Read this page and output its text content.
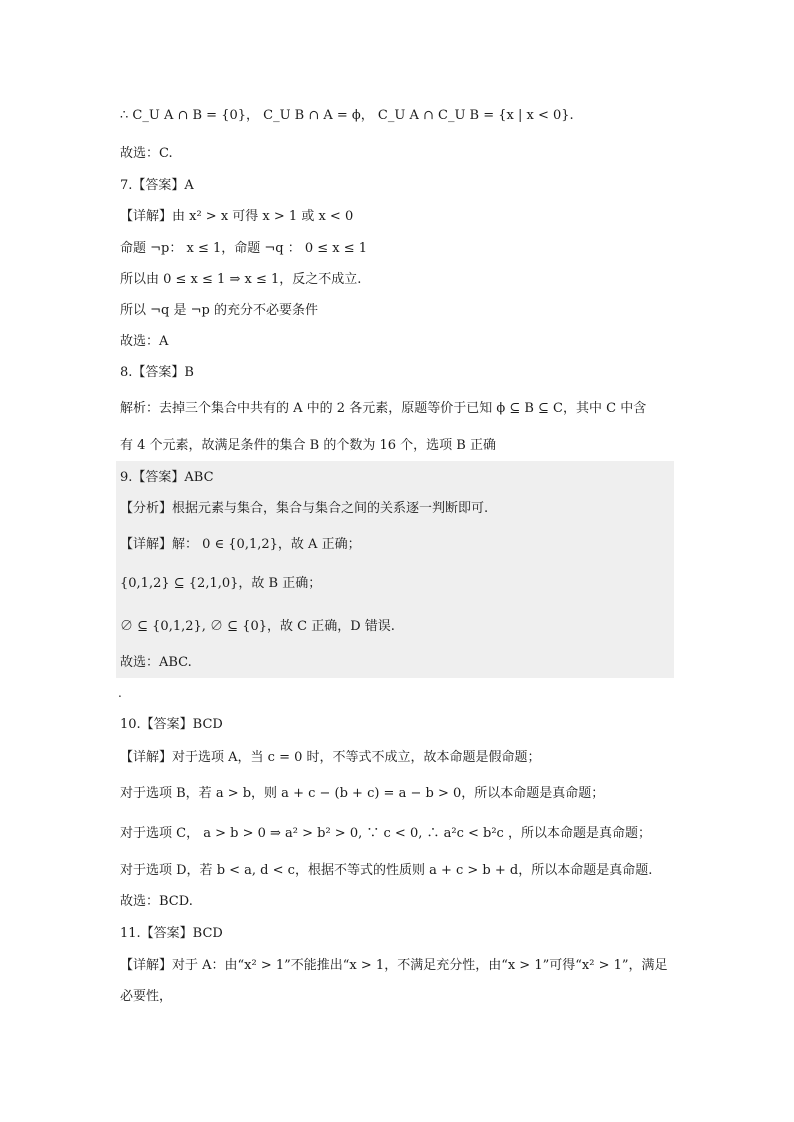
∴ C_U A ∩ B = {0}， C_U B ∩ A = ϕ， C_U A ∩ C_U B = {x | x < 0}.
故选：C.
7.【答案】A
【详解】由 x² > x 可得 x > 1 或 x < 0
命题 ¬p： x ≤ 1，命题 ¬q ： 0 ≤ x ≤ 1
所以由 0 ≤ x ≤ 1 ⇒ x ≤ 1，反之不成立.
所以 ¬q 是 ¬p 的充分不必要条件
故选：A
8.【答案】B
解析：去掉三个集合中共有的 A 中的 2 各元素，原题等价于已知 ϕ ⊆ B ⊆ C，其中 C 中含
有 4 个元素，故满足条件的集合 B 的个数为 16 个，选项 B 正确
9.【答案】ABC
【分析】根据元素与集合，集合与集合之间的关系逐一判断即可.
【详解】解： 0 ∈ {0,1,2}，故 A 正确；
{0,1,2} ⊆ {2,1,0}，故 B 正确；
∅ ⊆ {0,1,2}, ∅ ⊆ {0}，故 C 正确，D 错误.
故选：ABC.
.
10.【答案】BCD
【详解】对于选项 A，当 c = 0 时，不等式不成立，故本命题是假命题；
对于选项 B，若 a > b，则 a + c − (b + c) = a − b > 0，所以本命题是真命题；
对于选项 C， a > b > 0 ⇒ a² > b² > 0, ∵ c < 0, ∴ a²c < b²c ，所以本命题是真命题；
对于选项 D，若 b < a, d < c，根据不等式的性质则 a + c > b + d，所以本命题是真命题.
故选：BCD.
11.【答案】BCD
【详解】对于 A：由“x² > 1”不能推出“x > 1，不满足充分性，由“x > 1”可得“x² > 1”，满足
必要性，
